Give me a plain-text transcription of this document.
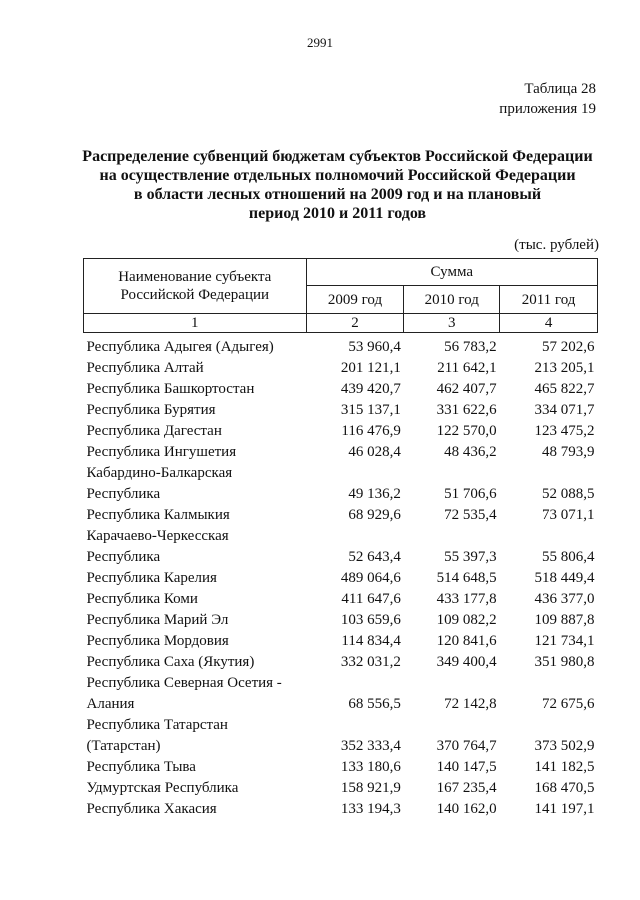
2991
Таблица 28
приложения 19
Распределение субвенций бюджетам субъектов Российской Федерации
на осуществление отдельных полномочий Российской Федерации
в области лесных отношений на 2009 год и на плановый
период 2010 и 2011 годов
(тыс. рублей)
Наименование субъекта
Российской Федерации	Сумма		
	2009 год	2010 год	2011 год
1	2	3	4

Республика Адыгея (Адыгея)	53 960,4	56 783,2	57 202,6

Республика Алтай	201 121,1	211 642,1	213 205,1

Республика Башкортостан	439 420,7	462 407,7	465 822,7

Республика Бурятия	315 137,1	331 622,6	334 071,7

Республика Дагестан	116 476,9	122 570,0	123 475,2

Республика Ингушетия	46 028,4	48 436,2	48 793,9

Кабардино-Балкарская
Республика	49 136,2	51 706,6	52 088,5

Республика Калмыкия	68 929,6	72 535,4	73 071,1

Карачаево-Черкесская
Республика	52 643,4	55 397,3	55 806,4

Республика Карелия	489 064,6	514 648,5	518 449,4

Республика Коми	411 647,6	433 177,8	436 377,0

Республика Марий Эл	103 659,6	109 082,2	109 887,8

Республика Мордовия	114 834,4	120 841,6	121 734,1

Республика Саха (Якутия)	332 031,2	349 400,4	351 980,8

Республика Северная Осетия -
Алания	68 556,5	72 142,8	72 675,6

Республика Татарстан
(Татарстан)	352 333,4	370 764,7	373 502,9

Республика Тыва	133 180,6	140 147,5	141 182,5

Удмуртская Республика	158 921,9	167 235,4	168 470,5

Республика Хакасия	133 194,3	140 162,0	141 197,1
